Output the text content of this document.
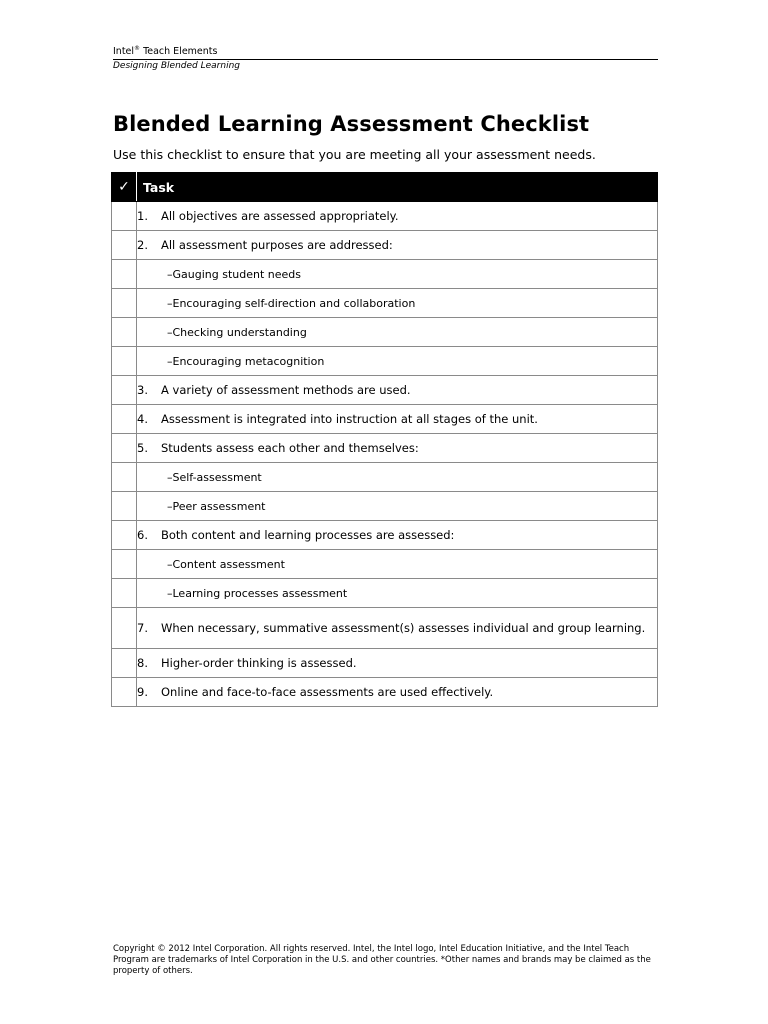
Intel® Teach Elements
Designing Blended Learning
Blended Learning Assessment Checklist

Use this checklist to ensure that you are meeting all your assessment needs.

✓	Task

	1. All objectives are assessed appropriately.

	2. All assessment purposes are addressed:

	–Gauging student needs

	–Encouraging self-direction and collaboration

	–Checking understanding

	–Encouraging metacognition

	3. A variety of assessment methods are used.

	4. Assessment is integrated into instruction at all stages of the unit.

	5. Students assess each other and themselves:

	–Self-assessment

	–Peer assessment

	6. Both content and learning processes are assessed:

	–Content assessment

	–Learning processes assessment

	7. When necessary, summative assessment(s) assesses individual and group learning.

	8. Higher-order thinking is assessed.

	9. Online and face-to-face assessments are used effectively.

Copyright © 2012 Intel Corporation. All rights reserved. Intel, the Intel logo, Intel Education Initiative, and the Intel Teach Program are trademarks of Intel Corporation in the U.S. and other countries. *Other names and brands may be claimed as the property of others.
